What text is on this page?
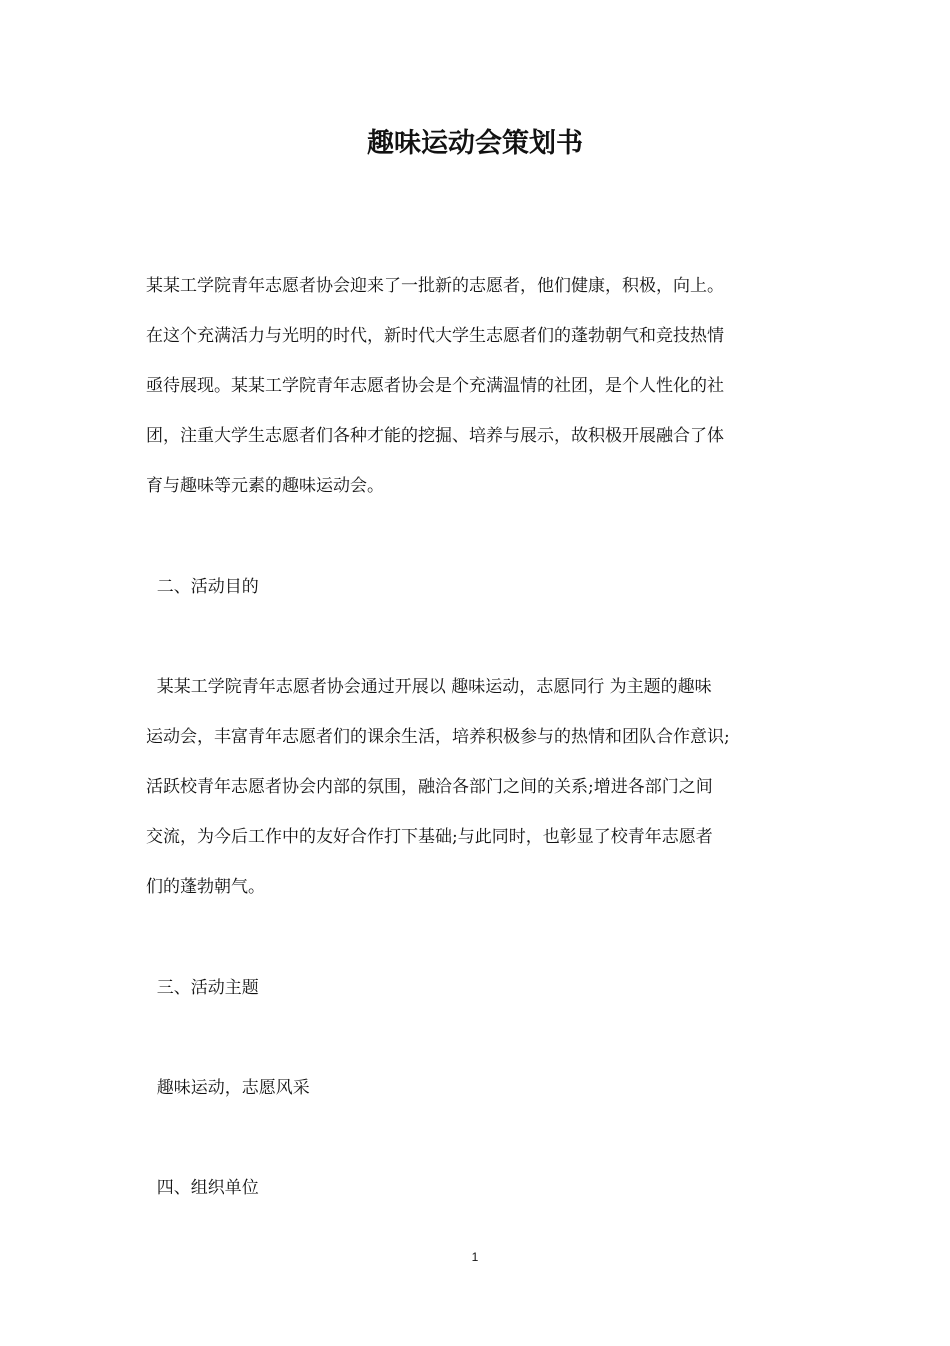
趣味运动会策划书
某某工学院青年志愿者协会迎来了一批新的志愿者，他们健康，积极，向上。
在这个充满活力与光明的时代，新时代大学生志愿者们的蓬勃朝气和竞技热情
亟待展现。某某工学院青年志愿者协会是个充满温情的社团，是个人性化的社
团，注重大学生志愿者们各种才能的挖掘、培养与展示，故积极开展融合了体
育与趣味等元素的趣味运动会。
二、活动目的
某某工学院青年志愿者协会通过开展以 趣味运动，志愿同行 为主题的趣味
运动会，丰富青年志愿者们的课余生活，培养积极参与的热情和团队合作意识;
活跃校青年志愿者协会内部的氛围，融洽各部门之间的关系;增进各部门之间
交流，为今后工作中的友好合作打下基础;与此同时，也彰显了校青年志愿者
们的蓬勃朝气。
三、活动主题
趣味运动，志愿风采
四、组织单位
1
